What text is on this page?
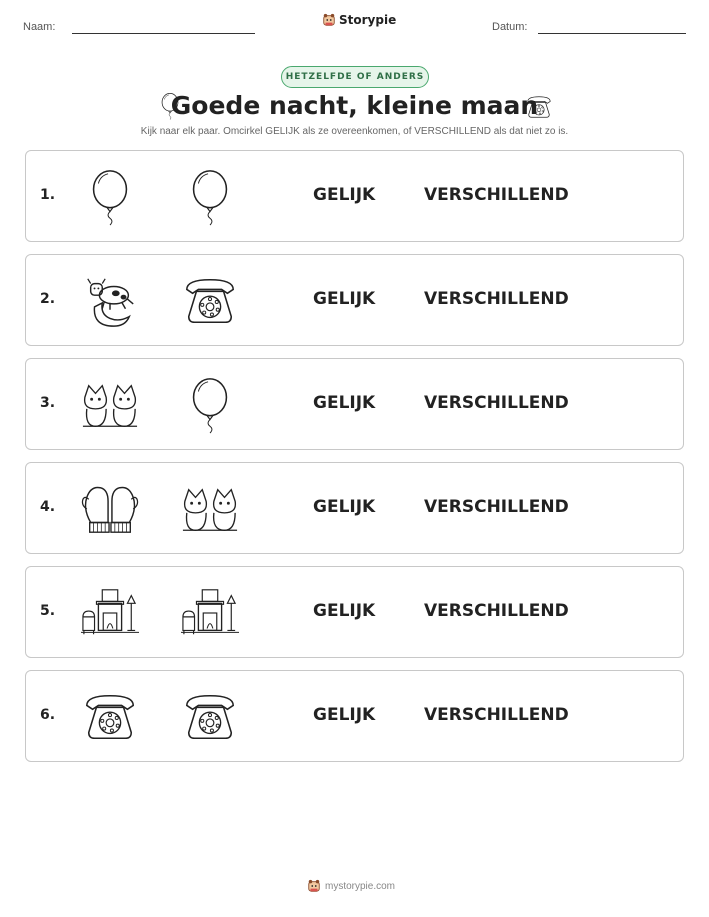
Naam:	Storypie	Datum:
HETZELFDE OF ANDERS
Goede nacht, kleine maan
Kijk naar elk paar. Omcirkel GELIJK als ze overeenkomen, of VERSCHILLEND als dat niet zo is.
1.	GELIJK	VERSCHILLEND
2.	GELIJK	VERSCHILLEND
3.	GELIJK	VERSCHILLEND
4.	GELIJK	VERSCHILLEND
5.	GELIJK	VERSCHILLEND
6.	GELIJK	VERSCHILLEND
mystorypie.com
